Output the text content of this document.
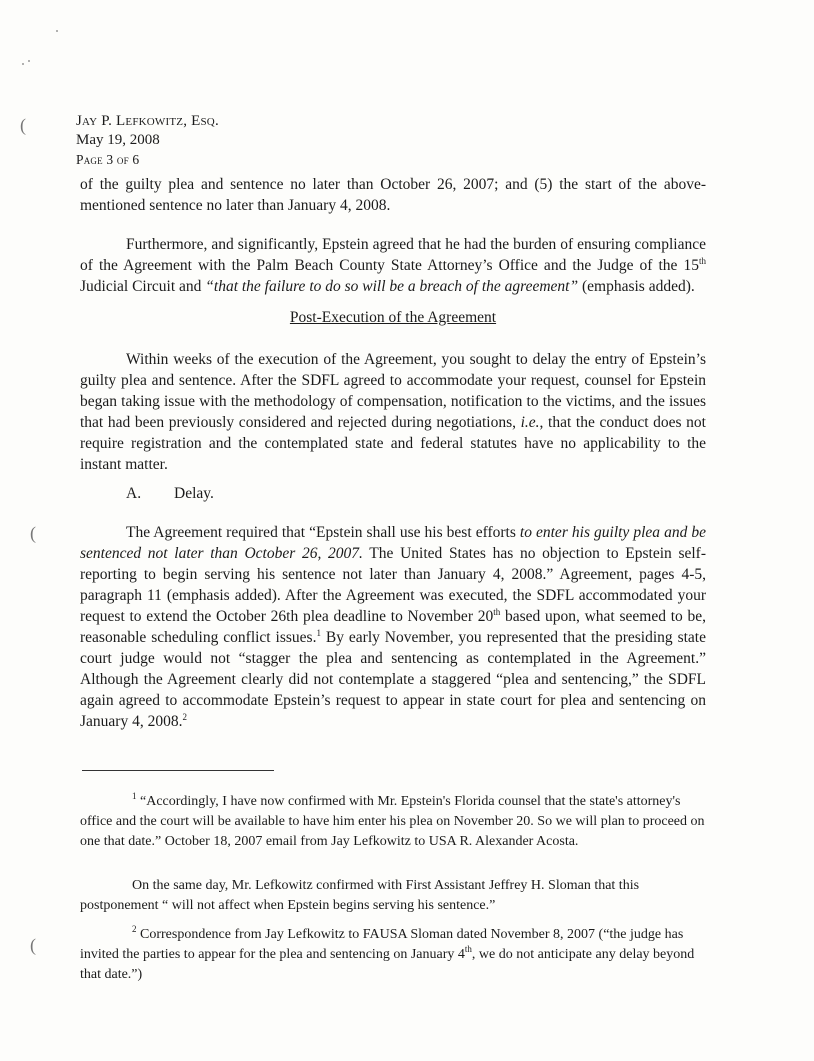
(
(
(
Jay P. Lefkowitz, Esq.
May 19, 2008
Page 3 of 6

of the guilty plea and sentence no later than October 26, 2007; and (5) the start of the above-mentioned sentence no later than January 4, 2008.

Furthermore, and significantly, Epstein agreed that he had the burden of ensuring compliance of the Agreement with the Palm Beach County State Attorney’s Office and the Judge of the 15th Judicial Circuit and “that the failure to do so will be a breach of the agreement” (emphasis added).

Post-Execution of the Agreement

Within weeks of the execution of the Agreement, you sought to delay the entry of Epstein’s guilty plea and sentence. After the SDFL agreed to accommodate your request, counsel for Epstein began taking issue with the methodology of compensation, notification to the victims, and the issues that had been previously considered and rejected during negotiations, i.e., that the conduct does not require registration and the contemplated state and federal statutes have no applicability to the instant matter.

A. Delay.

The Agreement required that “Epstein shall use his best efforts to enter his guilty plea and be sentenced not later than October 26, 2007. The United States has no objection to Epstein self-reporting to begin serving his sentence not later than January 4, 2008.” Agreement, pages 4-5, paragraph 11 (emphasis added). After the Agreement was executed, the SDFL accommodated your request to extend the October 26th plea deadline to November 20th based upon, what seemed to be, reasonable scheduling conflict issues.$^1$ By early November, you represented that the presiding state court judge would not “stagger the plea and sentencing as contemplated in the Agreement.” Although the Agreement clearly did not contemplate a staggered “plea and sentencing,” the SDFL again agreed to accommodate Epstein’s request to appear in state court for plea and sentencing on January 4, 2008.$^2$

$^1$ “Accordingly, I have now confirmed with Mr. Epstein's Florida counsel that the state's attorney's office and the court will be available to have him enter his plea on November 20. So we will plan to proceed on one that date.” October 18, 2007 email from Jay Lefkowitz to USA R. Alexander Acosta.

On the same day, Mr. Lefkowitz confirmed with First Assistant Jeffrey H. Sloman that this postponement “ will not affect when Epstein begins serving his sentence.”

$^2$ Correspondence from Jay Lefkowitz to FAUSA Sloman dated November 8, 2007 (“the judge has invited the parties to appear for the plea and sentencing on January 4th, we do not anticipate any delay beyond that date.”)
